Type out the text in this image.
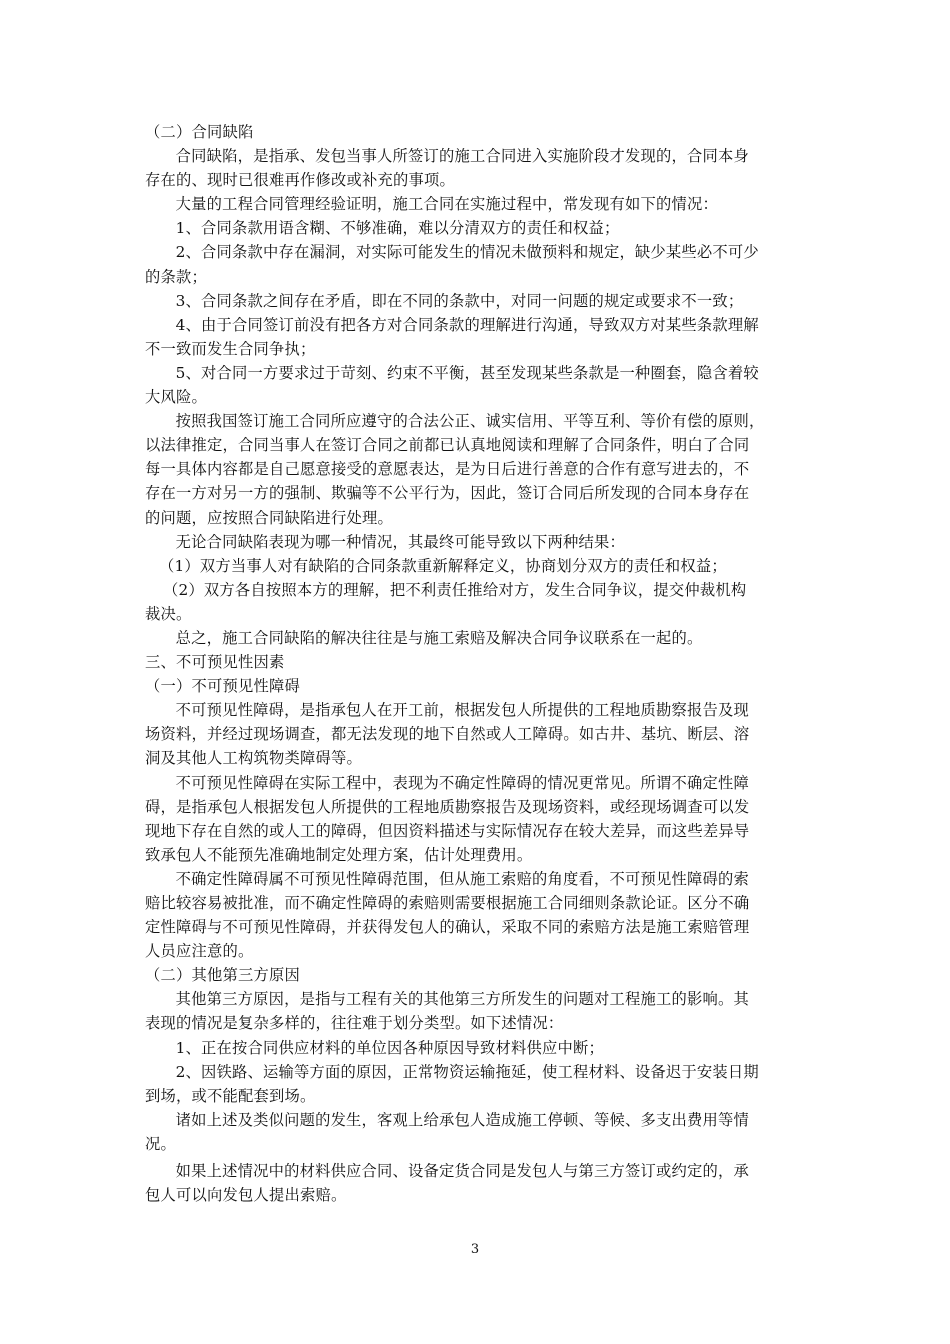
（二）合同缺陷
合同缺陷，是指承、发包当事人所签订的施工合同进入实施阶段才发现的，合同本身
存在的、现时已很难再作修改或补充的事项。
大量的工程合同管理经验证明，施工合同在实施过程中，常发现有如下的情况：
1、合同条款用语含糊、不够准确，难以分清双方的责任和权益；
2、合同条款中存在漏洞，对实际可能发生的情况未做预料和规定，缺少某些必不可少
的条款；
3、合同条款之间存在矛盾，即在不同的条款中，对同一问题的规定或要求不一致；
4、由于合同签订前没有把各方对合同条款的理解进行沟通，导致双方对某些条款理解
不一致而发生合同争执；
5、对合同一方要求过于苛刻、约束不平衡，甚至发现某些条款是一种圈套，隐含着较
大风险。
按照我国签订施工合同所应遵守的合法公正、诚实信用、平等互利、等价有偿的原则，
以法律推定，合同当事人在签订合同之前都已认真地阅读和理解了合同条件，明白了合同
每一具体内容都是自己愿意接受的意愿表达，是为日后进行善意的合作有意写进去的，不
存在一方对另一方的强制、欺骗等不公平行为，因此，签订合同后所发现的合同本身存在
的问题，应按照合同缺陷进行处理。
无论合同缺陷表现为哪一种情况，其最终可能导致以下两种结果：
（1）双方当事人对有缺陷的合同条款重新解释定义，协商划分双方的责任和权益；
（2）双方各自按照本方的理解，把不利责任推给对方，发生合同争议，提交仲裁机构
裁决。
总之，施工合同缺陷的解决往往是与施工索赔及解决合同争议联系在一起的。
三、不可预见性因素
（一）不可预见性障碍
不可预见性障碍，是指承包人在开工前，根据发包人所提供的工程地质勘察报告及现
场资料，并经过现场调查，都无法发现的地下自然或人工障碍。如古井、基坑、断层、溶
洞及其他人工构筑物类障碍等。
不可预见性障碍在实际工程中，表现为不确定性障碍的情况更常见。所谓不确定性障
碍，是指承包人根据发包人所提供的工程地质勘察报告及现场资料，或经现场调查可以发
现地下存在自然的或人工的障碍，但因资料描述与实际情况存在较大差异，而这些差异导
致承包人不能预先准确地制定处理方案，估计处理费用。
不确定性障碍属不可预见性障碍范围，但从施工索赔的角度看，不可预见性障碍的索
赔比较容易被批准，而不确定性障碍的索赔则需要根据施工合同细则条款论证。区分不确
定性障碍与不可预见性障碍，并获得发包人的确认，采取不同的索赔方法是施工索赔管理
人员应注意的。
（二）其他第三方原因
其他第三方原因，是指与工程有关的其他第三方所发生的问题对工程施工的影响。其
表现的情况是复杂多样的，往往难于划分类型。如下述情况：
1、正在按合同供应材料的单位因各种原因导致材料供应中断；
2、因铁路、运输等方面的原因，正常物资运输拖延，使工程材料、设备迟于安装日期
到场，或不能配套到场。
诸如上述及类似问题的发生，客观上给承包人造成施工停顿、等候、多支出费用等情
况。
如果上述情况中的材料供应合同、设备定货合同是发包人与第三方签订或约定的，承
包人可以向发包人提出索赔。
3
